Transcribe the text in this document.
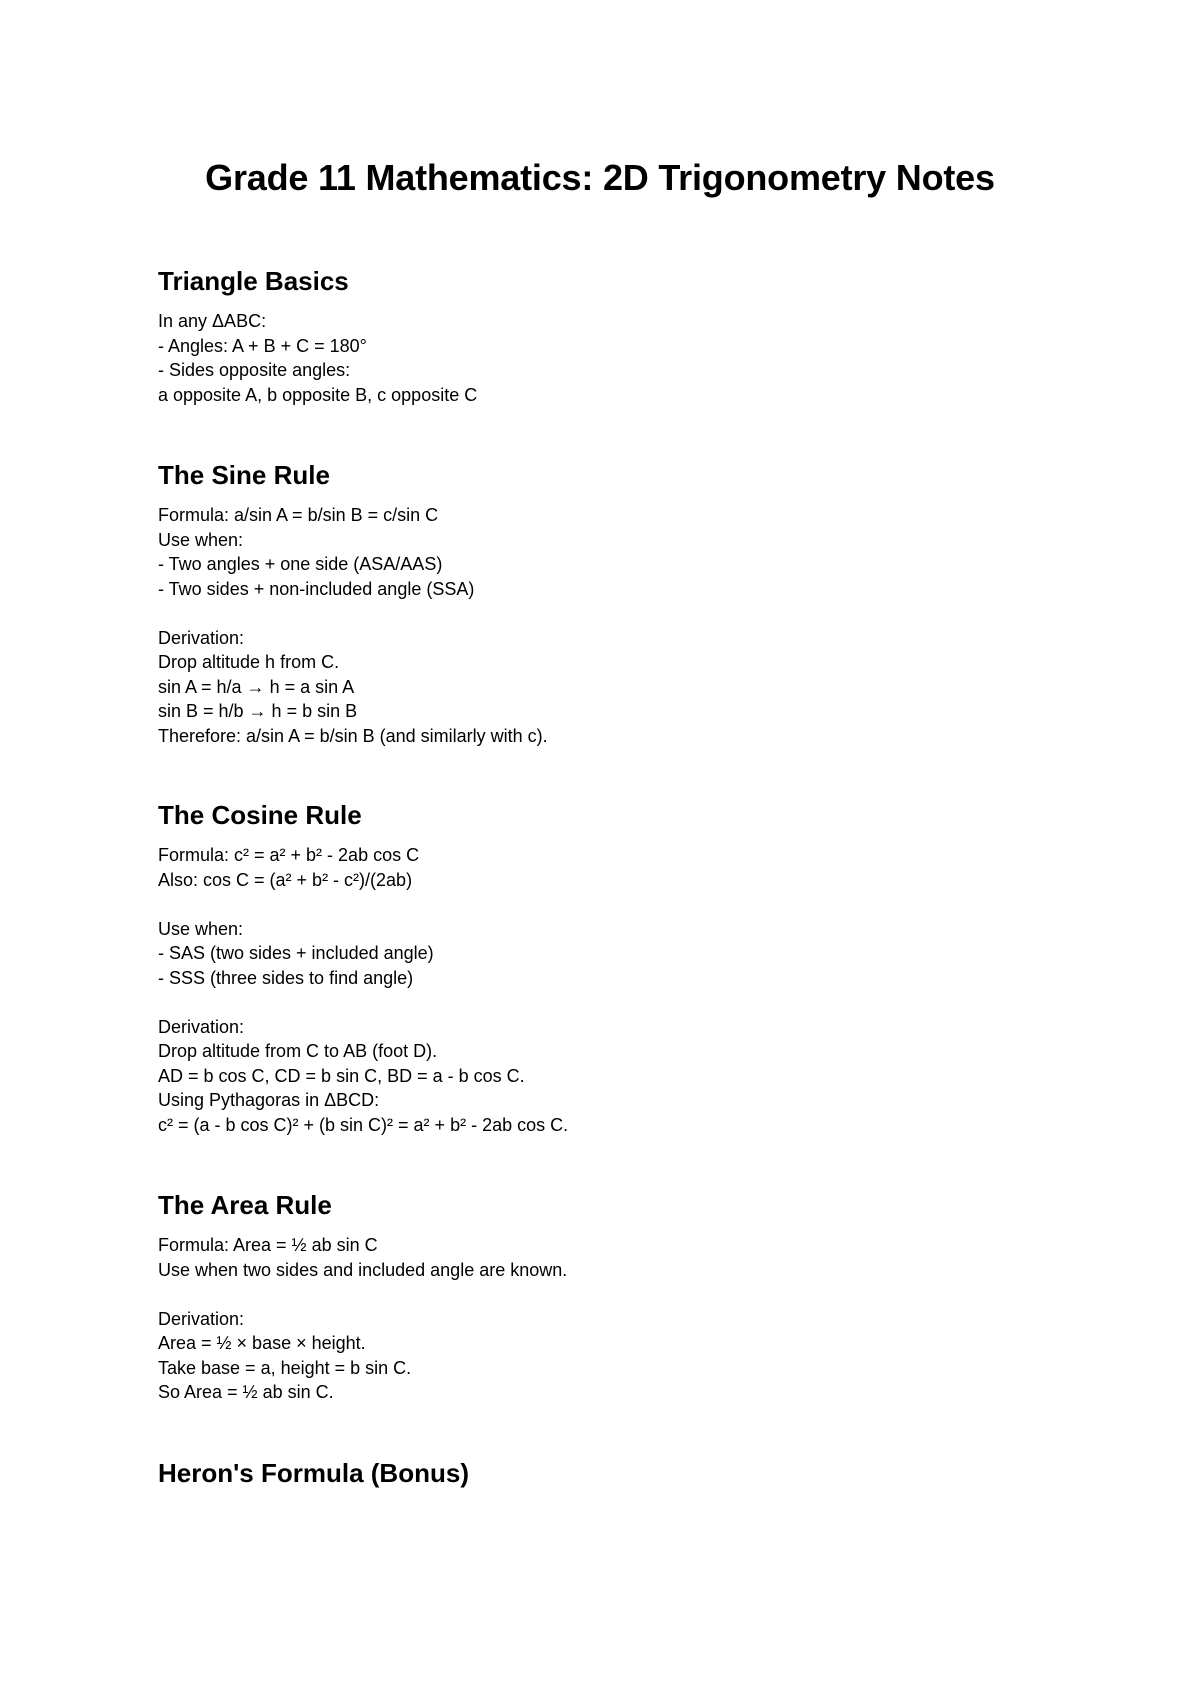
Grade 11 Mathematics: 2D Trigonometry Notes
Triangle Basics
In any ΔABC:
- Angles: A + B + C = 180°
- Sides opposite angles:
a opposite A, b opposite B, c opposite C
The Sine Rule
Formula: a/sin A = b/sin B = c/sin C
Use when:
- Two angles + one side (ASA/AAS)
- Two sides + non-included angle (SSA)
Derivation:
Drop altitude h from C.
sin A = h/a → h = a sin A
sin B = h/b → h = b sin B
Therefore: a/sin A = b/sin B (and similarly with c).
The Cosine Rule
Formula: c² = a² + b² - 2ab cos C
Also: cos C = (a² + b² - c²)/(2ab)
Use when:
- SAS (two sides + included angle)
- SSS (three sides to find angle)
Derivation:
Drop altitude from C to AB (foot D).
AD = b cos C, CD = b sin C, BD = a - b cos C.
Using Pythagoras in ΔBCD:
c² = (a - b cos C)² + (b sin C)² = a² + b² - 2ab cos C.
The Area Rule
Formula: Area = ½ ab sin C
Use when two sides and included angle are known.
Derivation:
Area = ½ × base × height.
Take base = a, height = b sin C.
So Area = ½ ab sin C.
Heron's Formula (Bonus)
